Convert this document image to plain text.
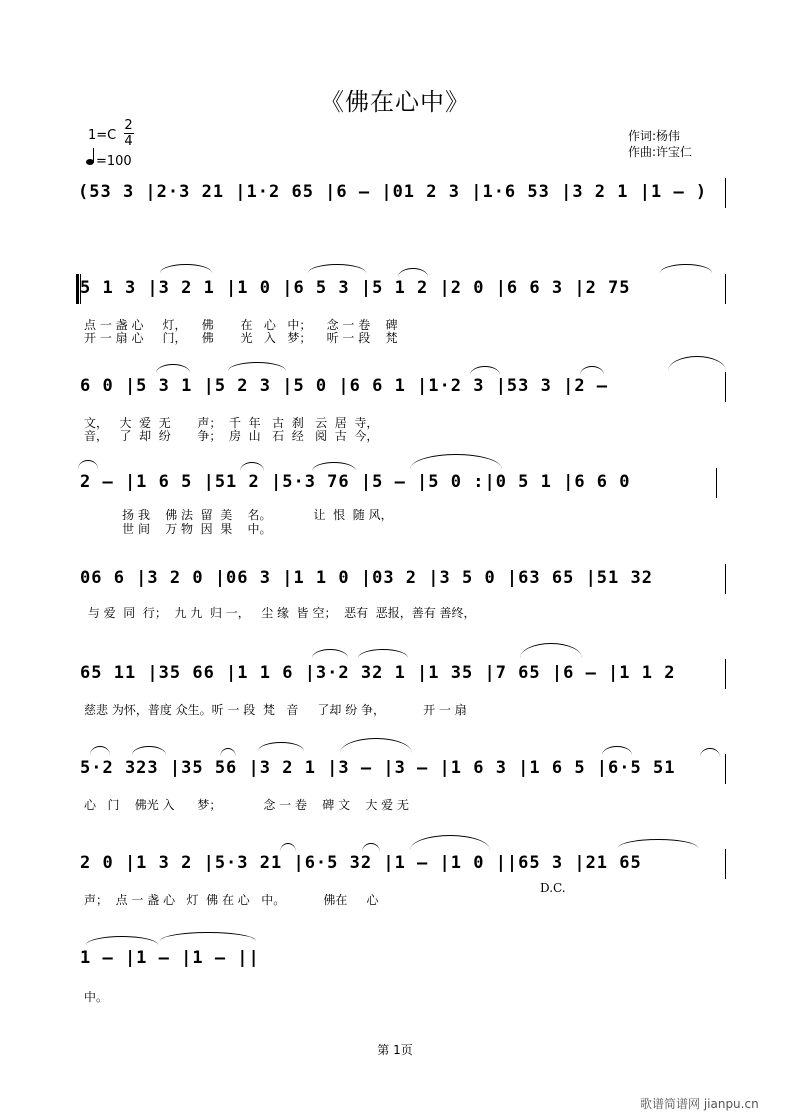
《佛在心中》
1=C
2
4
=100
作词:杨伟
作曲:许宝仁
(53 3 |2·3 21 |1·2 65 |6 – |01 2 3 |1·6 53 |3 2 1 |1 – )
5 1 3 |3 2 1 |1 0 |6 5 3 |5 1 2 |2 0 |6 6 3 |2 75
点 一 盏 心     灯，    佛       在   心   中；    念 一 卷    碑
开 一 扇 心     门，    佛       光   入   梦；    听 一 段    梵
6 0 |5 3 1 |5 2 3 |5 0 |6 6 1 |1·2 3 |53 3 |2 –
文，   大  爱  无       声；  千  年   古  刹   云  居  寺，
音，   了  却  纷       争；  房  山   石  经   阅  古  今，
2 – |1 6 5 |51 2 |5·3 76 |5 – |5 0 :|0 5 1 |6 6 0
扬 我    佛 法  留  美    名。           让  恨  随 风，
世 间    万 物  因  果    中。
06 6 |3 2 0 |06 3 |1 1 0 |03 2 |3 5 0 |63 65 |51 32
与 爱  同  行；  九 九  归 一，   尘 缘  皆 空；  恶有  恶报，善有 善终，
65 11 |35 66 |1 1 6 |3·2 32 1 |1 35 |7 65 |6 – |1 1 2
慈悲 为怀，普度 众生。听 一 段  梵   音     了却 纷 争，          开 一 扇
5·2 323 |35 56 |3 2 1 |3 – |3 – |1 6 3 |1 6 5 |6·5 51
心   门    佛光 入      梦；           念 一 卷    碑 文    大 爱 无
2 0 |1 3 2 |5·3 21 |6·5 32 |1 – |1 0 ||65 3 |21 65
声；  点 一 盏 心   灯  佛 在 心   中。          佛在     心
D.C.
1 – |1 – |1 – ||
中。
第 1页
歌谱简谱网 jianpu.cn
